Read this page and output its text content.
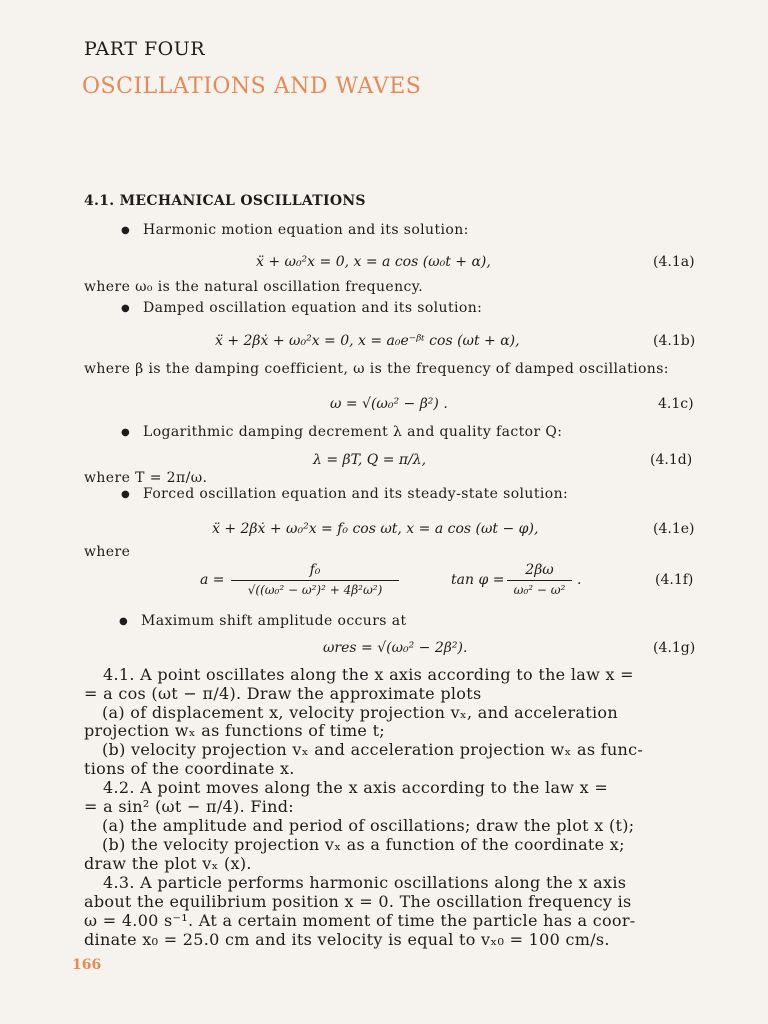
PART FOUR
OSCILLATIONS AND WAVES
4.1. MECHANICAL OSCILLATIONS
● Harmonic motion equation and its solution:
ẍ + ω₀²x = 0, x = a cos (ω₀t + α),	(4.1a)
where ω₀ is the natural oscillation frequency.
● Damped oscillation equation and its solution:
ẍ + 2βẋ + ω₀²x = 0, x = a₀e⁻ᵝᵗ cos (ωt + α),	(4.1b)
where β is the damping coefficient, ω is the frequency of damped oscillations:
ω = √(ω₀² − β²) .	4.1c)
● Logarithmic damping decrement λ and quality factor Q:
λ = βT, Q = π/λ,	(4.1d)
where T = 2π/ω.
● Forced oscillation equation and its steady-state solution:
ẍ + 2βẋ + ω₀²x = f₀ cos ωt, x = a cos (ωt − φ),	(4.1e)
where
a =
f₀
√((ω₀² − ω²)² + 4β²ω²)
tan φ =
2βω
ω₀² − ω²
.	(4.1f)
● Maximum shift amplitude occurs at
ωres = √(ω₀² − 2β²).	(4.1g)
4.1. A point oscillates along the x axis according to the law x =
= a cos (ωt − π/4). Draw the approximate plots
(a) of displacement x, velocity projection vₓ, and acceleration
projection wₓ as functions of time t;
(b) velocity projection vₓ and acceleration projection wₓ as func-
tions of the coordinate x.
4.2. A point moves along the x axis according to the law x =
= a sin² (ωt − π/4). Find:
(a) the amplitude and period of oscillations; draw the plot x (t);
(b) the velocity projection vₓ as a function of the coordinate x;
draw the plot vₓ (x).
4.3. A particle performs harmonic oscillations along the x axis
about the equilibrium position x = 0. The oscillation frequency is
ω = 4.00 s⁻¹. At a certain moment of time the particle has a coor-
dinate x₀ = 25.0 cm and its velocity is equal to vₓ₀ = 100 cm/s.
166
